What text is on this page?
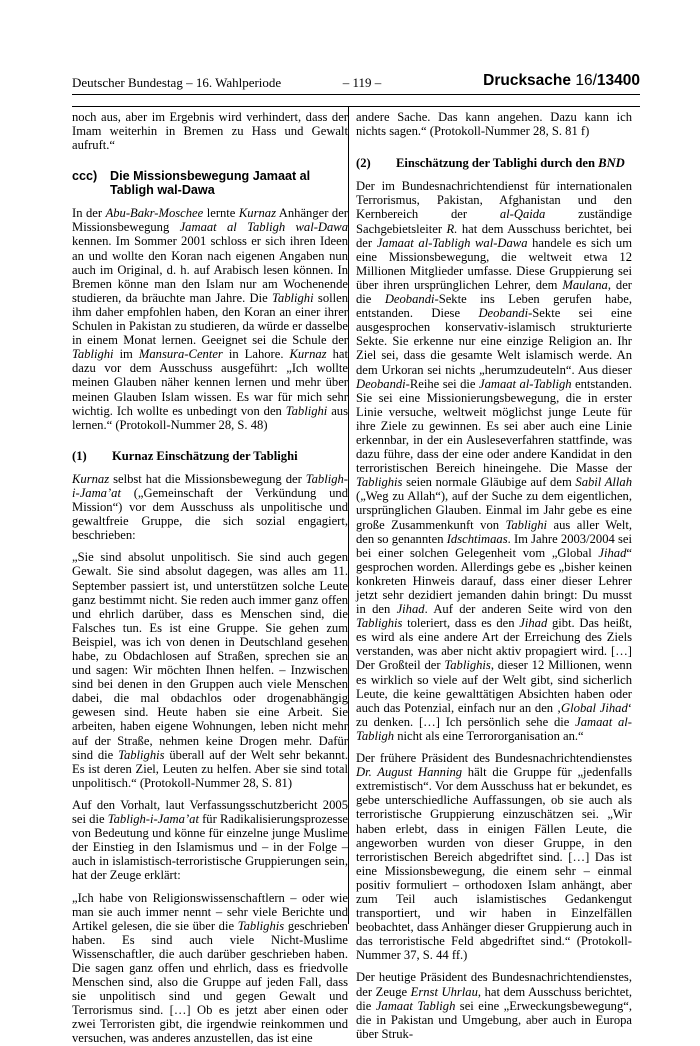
Deutscher Bundestag – 16. Wahlperiode	– 119 –	Drucksache 16/13400

noch aus, aber im Ergebnis wird verhindert, dass der Imam weiterhin in Bremen zu Hass und Gewalt aufruft.“

ccc)	Die Missionsbewegung Jamaat al Tabligh wal-Dawa

In der Abu-Bakr-Moschee lernte Kurnaz Anhänger der Missionsbewegung Jamaat al Tabligh wal-Dawa kennen. Im Sommer 2001 schloss er sich ihren Ideen an und wollte den Koran nach eigenen Angaben nun auch im Original, d. h. auf Arabisch lesen können. In Bremen könne man den Islam nur am Wochenende studieren, da bräuchte man Jahre. Die Tablighi sollen ihm daher empfohlen haben, den Koran an einer ihrer Schulen in Pakistan zu studieren, da würde er dasselbe in einem Monat lernen. Geeignet sei die Schule der Tablighi im Mansura-Center in Lahore. Kurnaz hat dazu vor dem Ausschuss ausgeführt: „Ich wollte meinen Glauben näher kennen lernen und mehr über meinen Glauben Islam wissen. Es war für mich sehr wichtig. Ich wollte es unbedingt von den Tablighi aus lernen.“ (Protokoll-Nummer 28, S. 48)

(1)	Kurnaz Einschätzung der Tablighi

Kurnaz selbst hat die Missionsbewegung der Tabligh-i-Jama’at („Gemeinschaft der Verkündung und Mission“) vor dem Ausschuss als unpolitische und gewaltfreie Gruppe, die sich sozial engagiert, beschrieben:

„Sie sind absolut unpolitisch. Sie sind auch gegen Gewalt. Sie sind absolut dagegen, was alles am 11. September passiert ist, und unterstützen solche Leute ganz bestimmt nicht. Sie reden auch immer ganz offen und ehrlich darüber, dass es Menschen sind, die Falsches tun. Es ist eine Gruppe. Sie gehen zum Beispiel, was ich von denen in Deutschland gesehen habe, zu Obdachlosen auf Straßen, sprechen sie an und sagen: Wir möchten Ihnen helfen. – Inzwischen sind bei denen in den Gruppen auch viele Menschen dabei, die mal obdachlos oder drogenabhängig gewesen sind. Heute haben sie eine Arbeit. Sie arbeiten, haben eigene Wohnungen, leben nicht mehr auf der Straße, nehmen keine Drogen mehr. Dafür sind die Tablighis überall auf der Welt sehr bekannt. Es ist deren Ziel, Leuten zu helfen. Aber sie sind total unpolitisch.“ (Protokoll-Nummer 28, S. 81)

Auf den Vorhalt, laut Verfassungsschutzbericht 2005 sei die Tabligh-i-Jama’at für Radikalisierungsprozesse von Bedeutung und könne für einzelne junge Muslime der Einstieg in den Islamismus und – in der Folge – auch in islamistisch-terroristische Gruppierungen sein, hat der Zeuge erklärt:

„Ich habe von Religionswissenschaftlern – oder wie man sie auch immer nennt – sehr viele Berichte und Artikel gelesen, die sie über die Tablighis geschrieben haben. Es sind auch viele Nicht-Muslime Wissenschaftler, die auch darüber geschrieben haben. Die sagen ganz offen und ehrlich, dass es friedvolle Menschen sind, also die Gruppe auf jeden Fall, dass sie unpolitisch sind und gegen Gewalt und Terrorismus sind. […] Ob es jetzt aber einen oder zwei Terroristen gibt, die irgendwie reinkommen und versuchen, was anderes anzustellen, das ist eine

andere Sache. Das kann angehen. Dazu kann ich nichts sagen.“ (Protokoll-Nummer 28, S. 81 f)

(2)	Einschätzung der Tablighi durch den BND

Der im Bundesnachrichtendienst für internationalen Terrorismus, Pakistan, Afghanistan und den Kernbereich der al-Qaida zuständige Sachgebietsleiter R. hat dem Ausschuss berichtet, bei der Jamaat al-Tabligh wal-Dawa handele es sich um eine Missionsbewegung, die weltweit etwa 12 Millionen Mitglieder umfasse. Diese Gruppierung sei über ihren ursprünglichen Lehrer, dem Maulana, der die Deobandi-Sekte ins Leben gerufen habe, entstanden. Diese Deobandi-Sekte sei eine ausgesprochen konservativ-islamisch strukturierte Sekte. Sie erkenne nur eine einzige Religion an. Ihr Ziel sei, dass die gesamte Welt islamisch werde. An dem Urkoran sei nichts „herumzudeuteln“. Aus dieser Deobandi-Reihe sei die Jamaat al-Tabligh entstanden. Sie sei eine Missionierungsbewegung, die in erster Linie versuche, weltweit möglichst junge Leute für ihre Ziele zu gewinnen. Es sei aber auch eine Linie erkennbar, in der ein Ausleseverfahren stattfinde, was dazu führe, dass der eine oder andere Kandidat in den terroristischen Bereich hineingehe. Die Masse der Tablighis seien normale Gläubige auf dem Sabil Allah („Weg zu Allah“), auf der Suche zu dem eigentlichen, ursprünglichen Glauben. Einmal im Jahr gebe es eine große Zusammenkunft von Tablighi aus aller Welt, den so genannten Idschtimaas. Im Jahre 2003/2004 sei bei einer solchen Gelegenheit vom „Global Jihad“ gesprochen worden. Allerdings gebe es „bisher keinen konkreten Hinweis darauf, dass einer dieser Lehrer jetzt sehr dezidiert jemanden dahin bringt: Du musst in den Jihad. Auf der anderen Seite wird von den Tablighis toleriert, dass es den Jihad gibt. Das heißt, es wird als eine andere Art der Erreichung des Ziels verstanden, was aber nicht aktiv propagiert wird. […] Der Großteil der Tablighis, dieser 12 Millionen, wenn es wirklich so viele auf der Welt gibt, sind sicherlich Leute, die keine gewalttätigen Absichten haben oder auch das Potenzial, einfach nur an den ‚Global Jihad‘ zu denken. […] Ich persönlich sehe die Jamaat al-Tabligh nicht als eine Terrororganisation an.“

Der frühere Präsident des Bundesnachrichtendienstes Dr. August Hanning hält die Gruppe für „jedenfalls extremistisch“. Vor dem Ausschuss hat er bekundet, es gebe unterschiedliche Auffassungen, ob sie auch als terroristische Gruppierung einzuschätzen sei. „Wir haben erlebt, dass in einigen Fällen Leute, die angeworben wurden von dieser Gruppe, in den terroristischen Bereich abgedriftet sind. […] Das ist eine Missionsbewegung, die einem sehr – einmal positiv formuliert – orthodoxen Islam anhängt, aber zum Teil auch islamistisches Gedankengut transportiert, und wir haben in Einzelfällen beobachtet, dass Anhänger dieser Gruppierung auch in das terroristische Feld abgedriftet sind.“ (Protokoll-Nummer 37, S. 44 ff.)

Der heutige Präsident des Bundesnachrichtendienstes, der Zeuge Ernst Uhrlau, hat dem Ausschuss berichtet, die Jamaat Tabligh sei eine „Erweckungsbewegung“, die in Pakistan und Umgebung, aber auch in Europa über Struk-
